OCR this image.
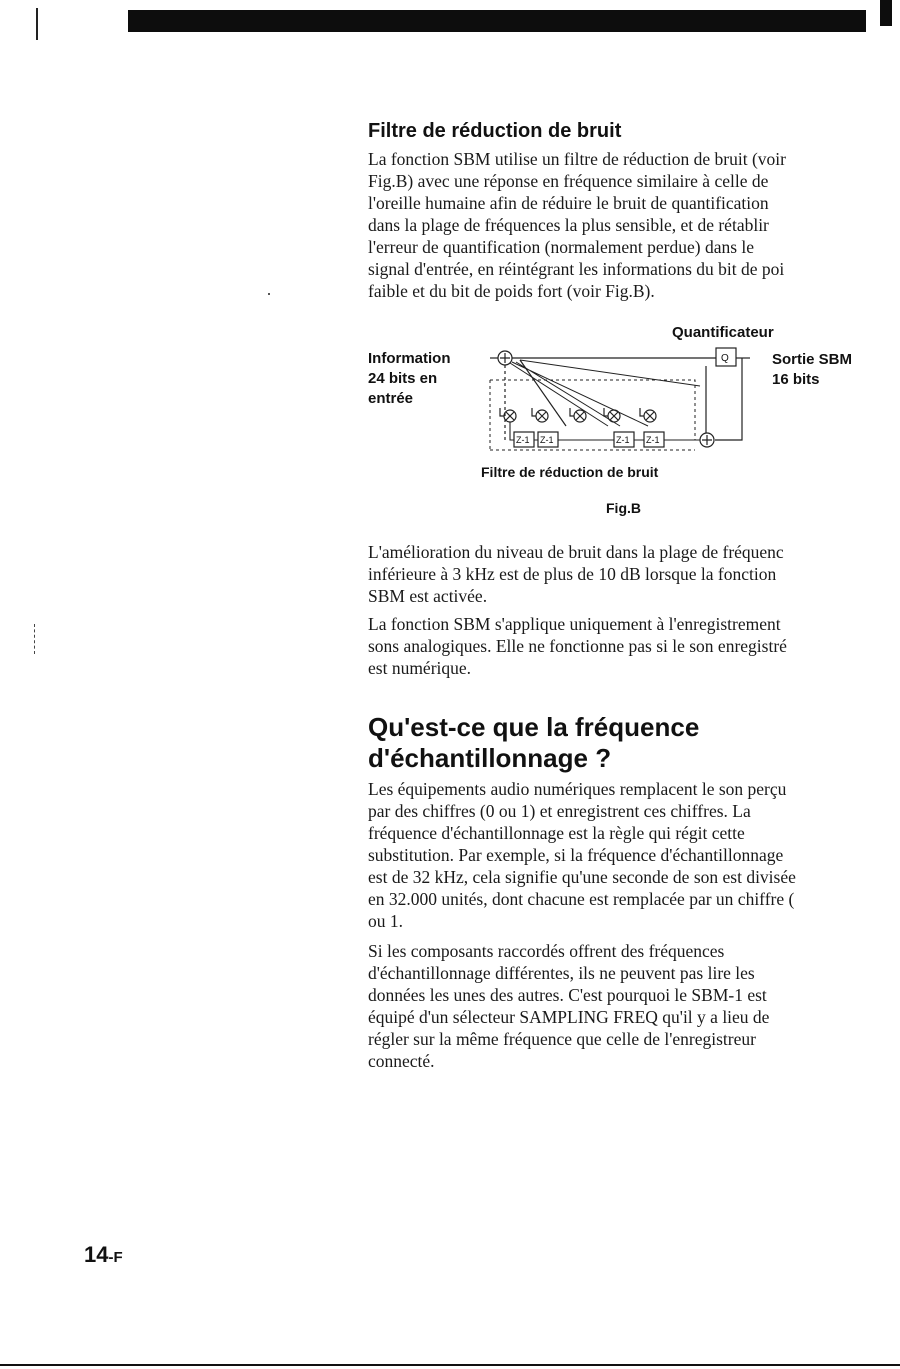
Filtre de réduction de bruit

La fonction SBM utilise un filtre de réduction de bruit (voir
Fig.B) avec une réponse en fréquence similaire à celle de
l'oreille humaine afin de réduire le bruit de quantification
dans la plage de fréquences la plus sensible, et de rétablir
l'erreur de quantification (normalement perdue) dans le
signal d'entrée, en réintégrant les informations du bit de poi
faible et du bit de poids fort (voir Fig.B).

Quantificateur
Information
24 bits en
entrée
Sortie SBM
16 bits
Q
Z-1 Z-1	Z-1 Z-1
Filtre de réduction de bruit
Fig.B

L'amélioration du niveau de bruit dans la plage de fréquenc
inférieure à 3 kHz est de plus de 10 dB lorsque la fonction
SBM est activée.

La fonction SBM s'applique uniquement à l'enregistrement
sons analogiques. Elle ne fonctionne pas si le son enregistré
est numérique.

Qu'est-ce que la fréquence
d'échantillonnage ?

Les équipements audio numériques remplacent le son perçu
par des chiffres (0 ou 1) et enregistrent ces chiffres. La
fréquence d'échantillonnage est la règle qui régit cette
substitution. Par exemple, si la fréquence d'échantillonnage
est de 32 kHz, cela signifie qu'une seconde de son est divisée
en 32.000 unités, dont chacune est remplacée par un chiffre (
ou 1.

Si les composants raccordés offrent des fréquences
d'échantillonnage différentes, ils ne peuvent pas lire les
données les unes des autres. C'est pourquoi le SBM-1 est
équipé d'un sélecteur SAMPLING FREQ qu'il y a lieu de
régler sur la même fréquence que celle de l'enregistreur
connecté.

14-F
